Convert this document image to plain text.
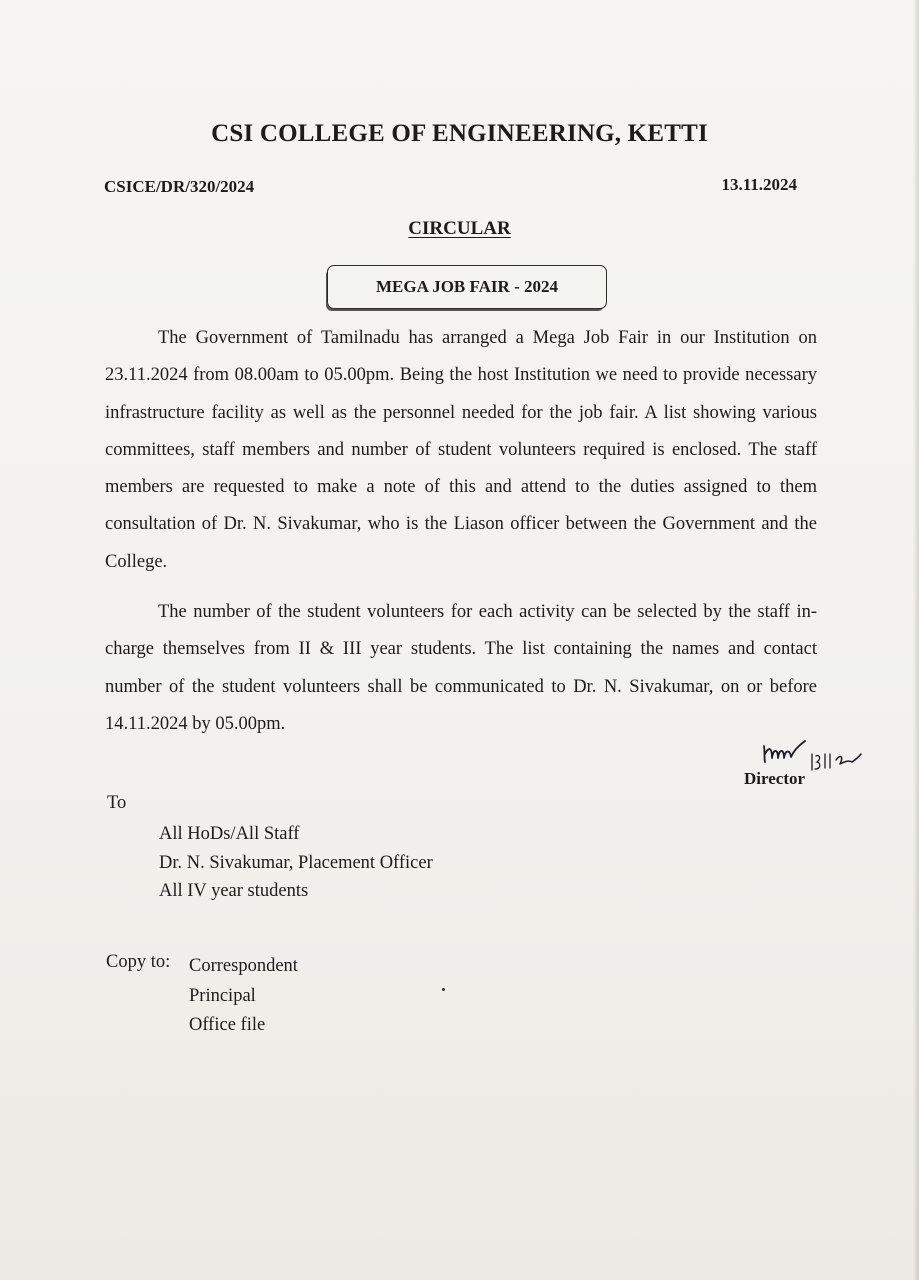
CSI COLLEGE OF ENGINEERING, KETTI
CSICE/DR/320/2024	13.11.2024
CIRCULAR
MEGA JOB FAIR - 2024

The Government of Tamilnadu has arranged a Mega Job Fair in our Institution on 23.11.2024 from 08.00am to 05.00pm. Being the host Institution we need to provide necessary infrastructure facility as well as the personnel needed for the job fair. A list showing various committees, staff members and number of student volunteers required is enclosed. The staff members are requested to make a note of this and attend to the duties assigned to them consultation of Dr. N. Sivakumar, who is the Liason officer between the Government and the College.

The number of the student volunteers for each activity can be selected by the staff in-charge themselves from II & III year students. The list containing the names and contact number of the student volunteers shall be communicated to Dr. N. Sivakumar, on or before 14.11.2024 by 05.00pm.

Director
To
All HoDs/All Staff
Dr. N. Sivakumar, Placement Officer
All IV year students
Copy to: Correspondent
Principal
Office file
